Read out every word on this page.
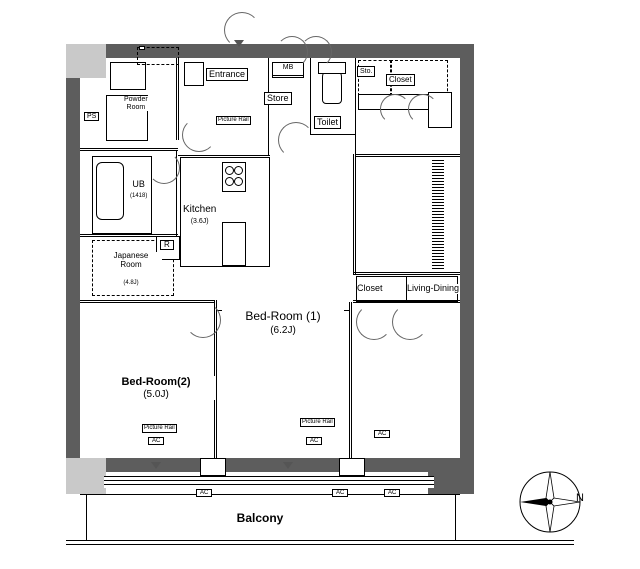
Balcony
MB
PS
R
Entrance
Store
Toilet
Sto.
Closet
Powder
Room
UB
(1418)
Kitchen
(3.6J)
Japanese
Room

(4.8J)	Closet	Living-Dining
Bed-Room (1)
(6.2J)
Bed-Room(2)
(5.0J)

Picture Rail
Picture Rail
Picture Rail

AC	AC
AC
AC	AC	AC	N
